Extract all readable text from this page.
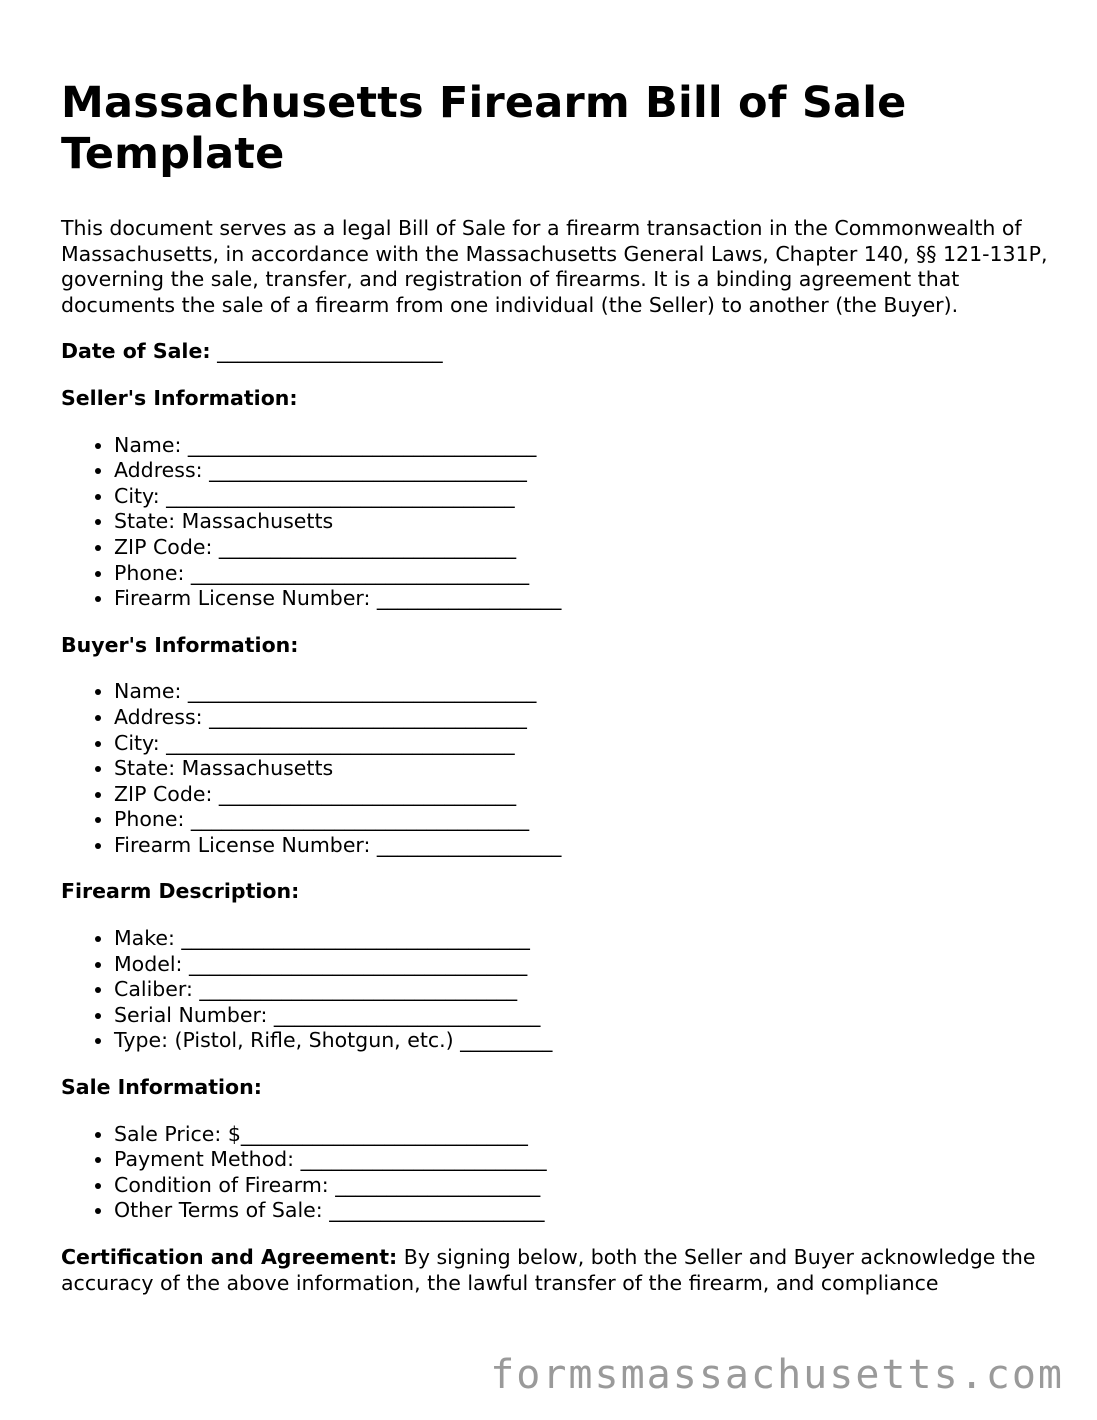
Massachusetts Firearm Bill of Sale Template

This document serves as a legal Bill of Sale for a firearm transaction in the Commonwealth of Massachusetts, in accordance with the Massachusetts General Laws, Chapter 140, §§ 121-131P, governing the sale, transfer, and registration of firearms. It is a binding agreement that documents the sale of a firearm from one individual (the Seller) to another (the Buyer).

Date of Sale: ______________________
Seller's Information:
• Name: __________________________________
• Address: _______________________________
• City: __________________________________
• State: Massachusetts
• ZIP Code: _____________________________
• Phone: _________________________________
• Firearm License Number: __________________
Buyer's Information:
• Name: __________________________________
• Address: _______________________________
• City: __________________________________
• State: Massachusetts
• ZIP Code: _____________________________
• Phone: _________________________________
• Firearm License Number: __________________
Firearm Description:
• Make: __________________________________
• Model: _________________________________
• Caliber: _______________________________
• Serial Number: __________________________
• Type: (Pistol, Rifle, Shotgun, etc.) _________
Sale Information:
• Sale Price: $____________________________
• Payment Method: ________________________
• Condition of Firearm: ____________________
• Other Terms of Sale: _____________________

Certification and Agreement: By signing below, both the Seller and Buyer acknowledge the accuracy of the above information, the lawful transfer of the firearm, and compliance

formsmassachusetts.com
